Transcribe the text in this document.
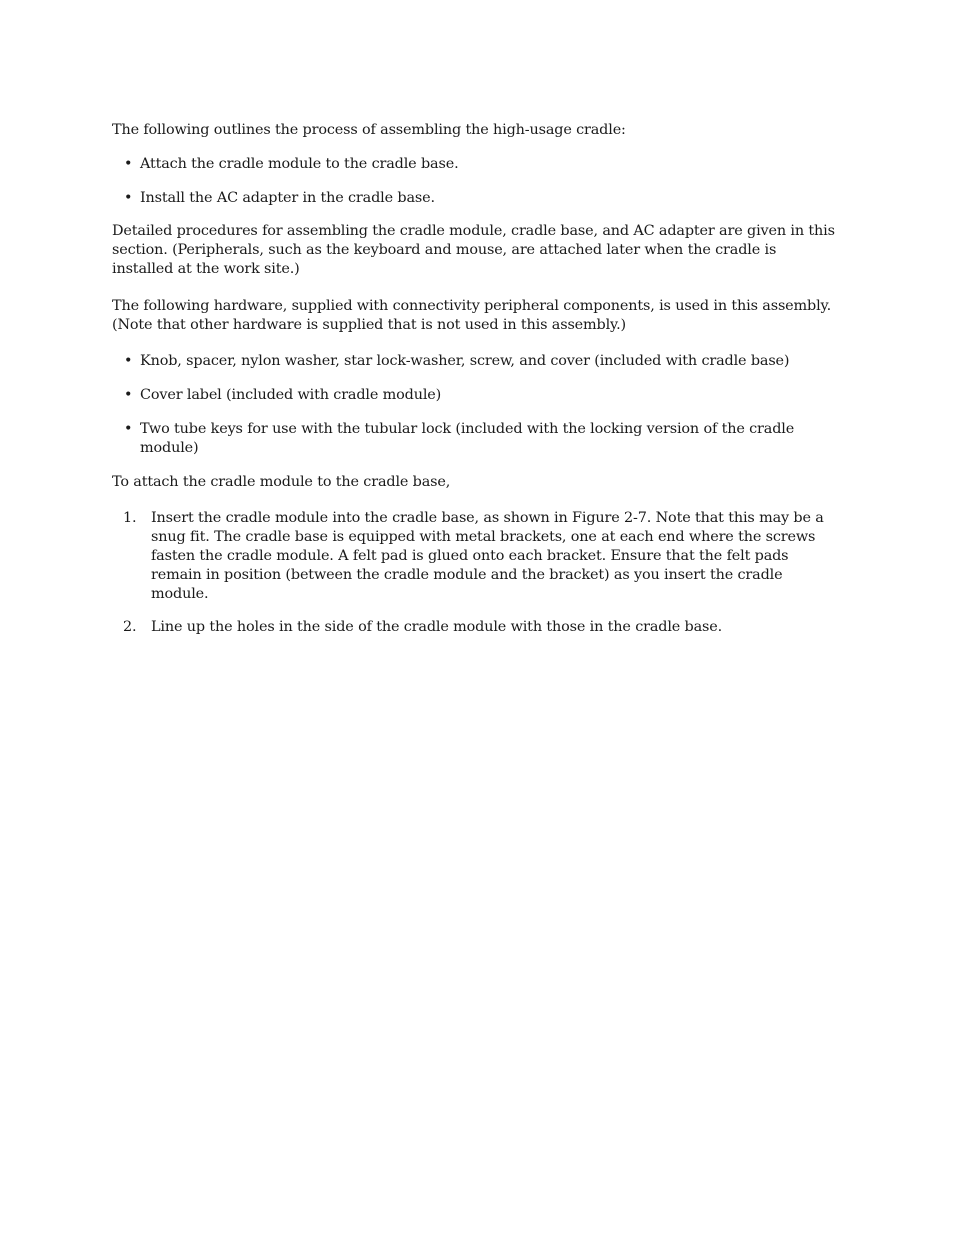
The following outlines the process of assembling the high-usage cradle:

• Attach the cradle module to the cradle base.
• Install the AC adapter in the cradle base.

Detailed procedures for assembling the cradle module, cradle base, and AC adapter are given in this section. (Peripherals, such as the keyboard and mouse, are attached later when the cradle is installed at the work site.)

The following hardware, supplied with connectivity peripheral components, is used in this assembly. (Note that other hardware is supplied that is not used in this assembly.)

• Knob, spacer, nylon washer, star lock-washer, screw, and cover (included with cradle base)
• Cover label (included with cradle module)
• Two tube keys for use with the tubular lock (included with the locking version of the cradle module)

To attach the cradle module to the cradle base,

1. Insert the cradle module into the cradle base, as shown in Figure 2-7. Note that this may be a snug fit. The cradle base is equipped with metal brackets, one at each end where the screws fasten the cradle module. A felt pad is glued onto each bracket. Ensure that the felt pads remain in position (between the cradle module and the bracket) as you insert the cradle module.
2. Line up the holes in the side of the cradle module with those in the cradle base.
